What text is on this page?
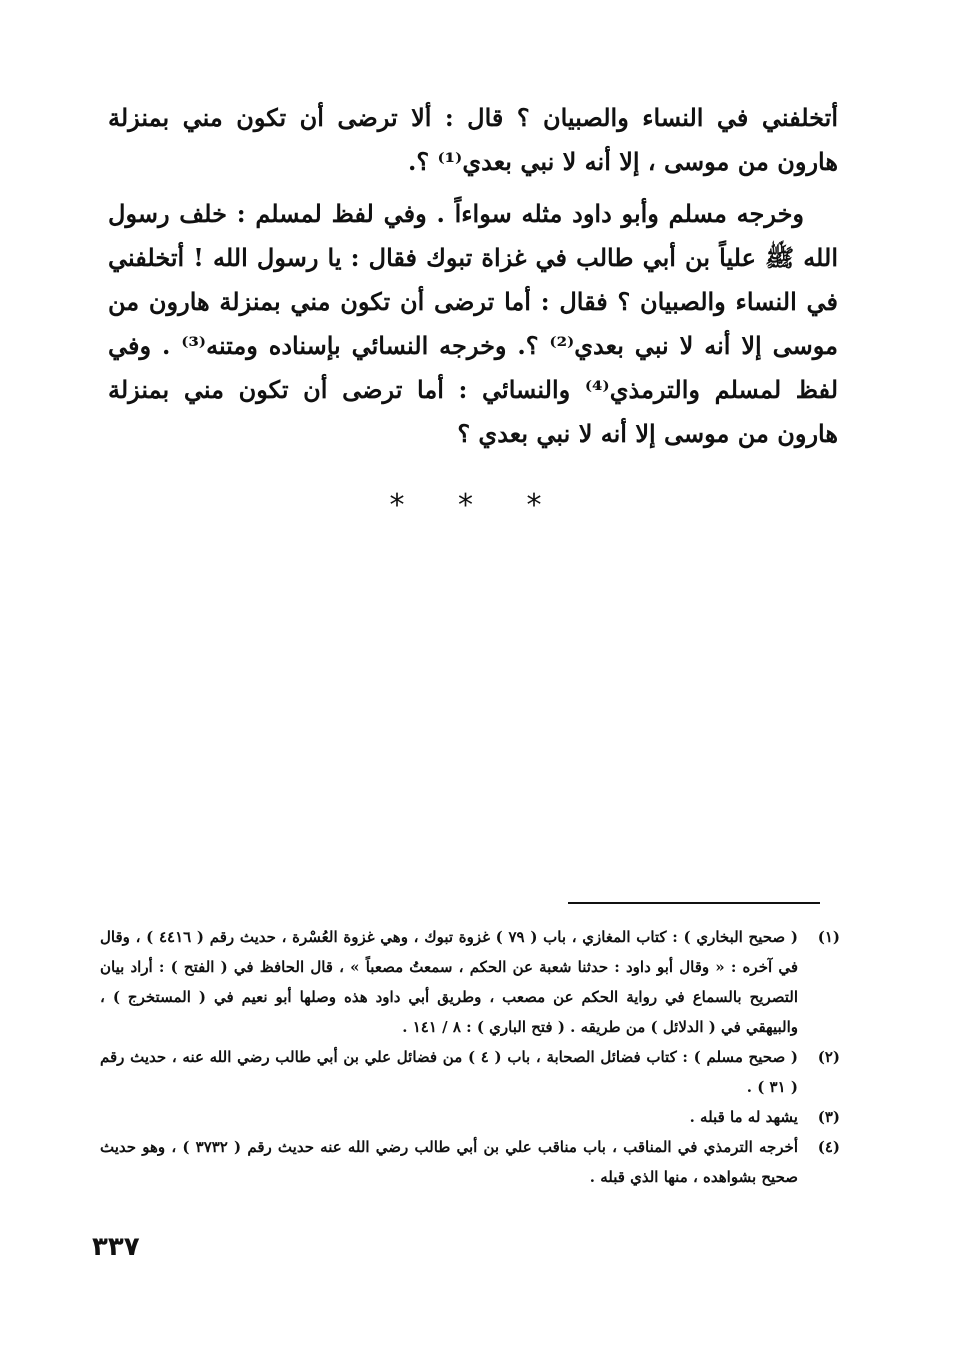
أتخلفني في النساء والصبيان ؟ قال : ألا ترضى أن تكون مني بمنزلة هارون من موسى ، إلا أنه لا نبي بعدي⁽¹⁾ ؟.

وخرجه مسلم وأبو داود مثله سواءاً . وفي لفظ لمسلم : خلف رسول الله ﷺ علياً بن أبي طالب في غزاة تبوك فقال : يا رسول الله ! أتخلفني في النساء والصبيان ؟ فقال : أما ترضى أن تكون مني بمنزلة هارون من موسى إلا أنه لا نبي بعدي⁽²⁾ ؟. وخرجه النسائي بإسناده ومتنه⁽³⁾ . وفي لفظ لمسلم والترمذي⁽⁴⁾ والنسائي : أما ترضى أن تكون مني بمنزلة هارون من موسى إلا أنه لا نبي بعدي ؟

* * *
(١)
( صحيح البخاري ) : كتاب المغازي ، باب ( ٧٩ ) غزوة تبوك ، وهي غزوة العُسْرة ، حديث رقم ( ٤٤١٦ ) ، وقال في آخره : « وقال أبو داود : حدثنا شعبة عن الحكم ، سمعتُ مصعباً » ، قال الحافظ في ( الفتح ) : أراد بيان التصريح بالسماع في رواية الحكم عن مصعب ، وطريق أبي داود هذه وصلها أبو نعيم في ( المستخرج ) ، والبيهقي في ( الدلائل ) من طريقه . ( فتح الباري ) : ٨ / ١٤١ .
(٢)
( صحيح مسلم ) : كتاب فضائل الصحابة ، باب ( ٤ ) من فضائل علي بن أبي طالب رضي الله عنه ، حديث رقم ( ٣١ ) .
(٣)
يشهد له ما قبله .
(٤)
أخرجه الترمذي في المناقب ، باب مناقب علي بن أبي طالب رضي الله عنه حديث رقم ( ٣٧٣٢ ) ، وهو حديث صحيح بشواهده ، منها الذي قبله .
٣٣٧
